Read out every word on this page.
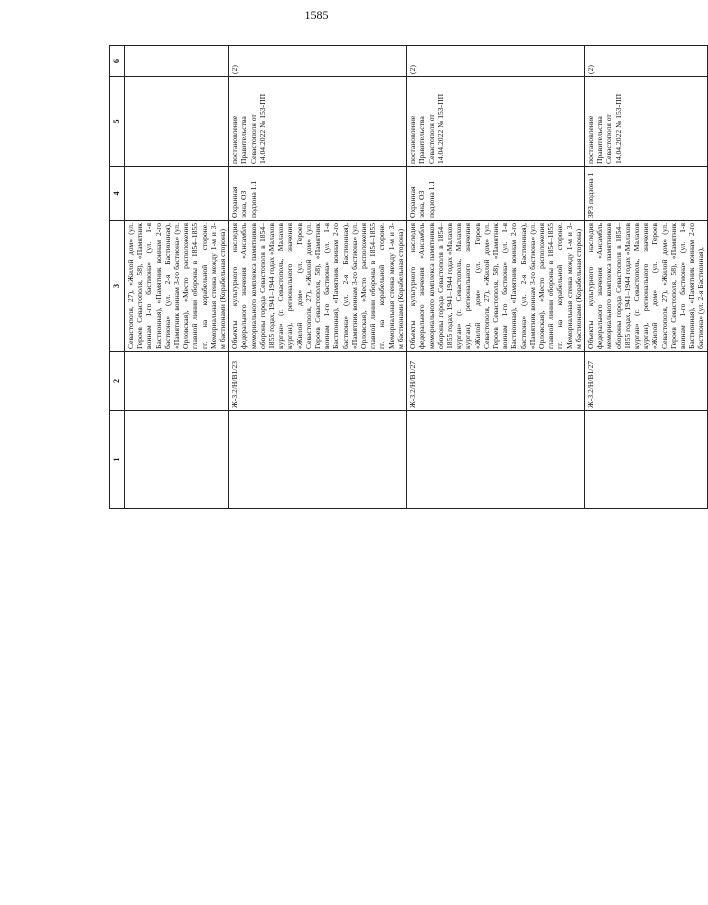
1585
1	2	3	4	5	6
		Севастополя, 27), «Жилой дом» (ул. Героев Севастополя, 58), «Памятник воинам 1-го бастиона» (ул. 1-я Бастионная), «Памятник воинам 2-го бастиона» (ул. 2-я Бастионная), «Памятник воинам 3-го бастиона» (ул. Орловская), «Место расположения главной линии обороны в 1854–1855 гг. на корабельной стороне. Мемориальная стенка между 1-м и 3-м бастионами (Корабельная сторона)			
	Ж-3.2/Н/В1/23	Объекты культурного наследия федерального значения «Ансамбль мемориального комплекса памятников обороны города Севастополя в 1854–1855 годах, 1941–1944 годах «Малахов курган» (г. Севастополь, Малахов курган), регионального значения «Жилой дом» (ул. Героев Севастополя, 27), «Жилой дом» (ул. Героев Севастополя, 58), «Памятник воинам 1-го бастиона» (ул. 1-я Бастионная), «Памятник воинам 2-го бастиона» (ул. 2-я Бастионная), «Памятник воинам 3-го бастиона» (ул. Орловская), «Место расположения главной линии обороны в 1854–1855 гг. на корабельной стороне. Мемориальная стенка между 1-м и 3-м бастионами (Корабельная сторона)	Охранная зона, ОЗ подзона 1.1	постановление Правительства Севастополя от 14.04.2022 № 153-ПП	(2)
	Ж-3.2/Н/В1/27	Объекты культурного наследия федерального значения «Ансамбль мемориального комплекса памятников обороны города Севастополя в 1854–1855 годах, 1941–1944 годах «Малахов курган» (г. Севастополь, Малахов курган), регионального значения «Жилой дом» (ул. Героев Севастополя, 27), «Жилой дом» (ул. Героев Севастополя, 58), «Памятник воинам 1-го бастиона» (ул. 1-я Бастионная), «Памятник воинам 2-го бастиона» (ул. 2-я Бастионная), «Памятник воинам 3-го бастиона» (ул. Орловская), «Место расположения главной линии обороны в 1854–1855 гг. на корабельной стороне. Мемориальная стенка между 1-м и 3-м бастионами (Корабельная сторона)	Охранная зона, ОЗ подзона 1.1	постановление Правительства Севастополя от 14.04.2022 № 153-ПП	(2)
	Ж-3.2/Н/В1/27	Объекты культурного наследия федерального значения «Ансамбль мемориального комплекса памятников обороны города Севастополя в 1854–1855 годах, 1941–1944 годах «Малахов курган» (г. Севастополь, Малахов курган), регионального значения «Жилой дом» (ул. Героев Севастополя, 27), «Жилой дом» (ул. Героев Севастополя, 58), «Памятник воинам 1-го бастиона» (ул. 1-я Бастионная), «Памятник воинам 2-го бастиона» (ул. 2-я Бастионная),	ЗРЗ подзона 1	постановление Правительства Севастополя от 14.04.2022 № 153-ПП	(2)
